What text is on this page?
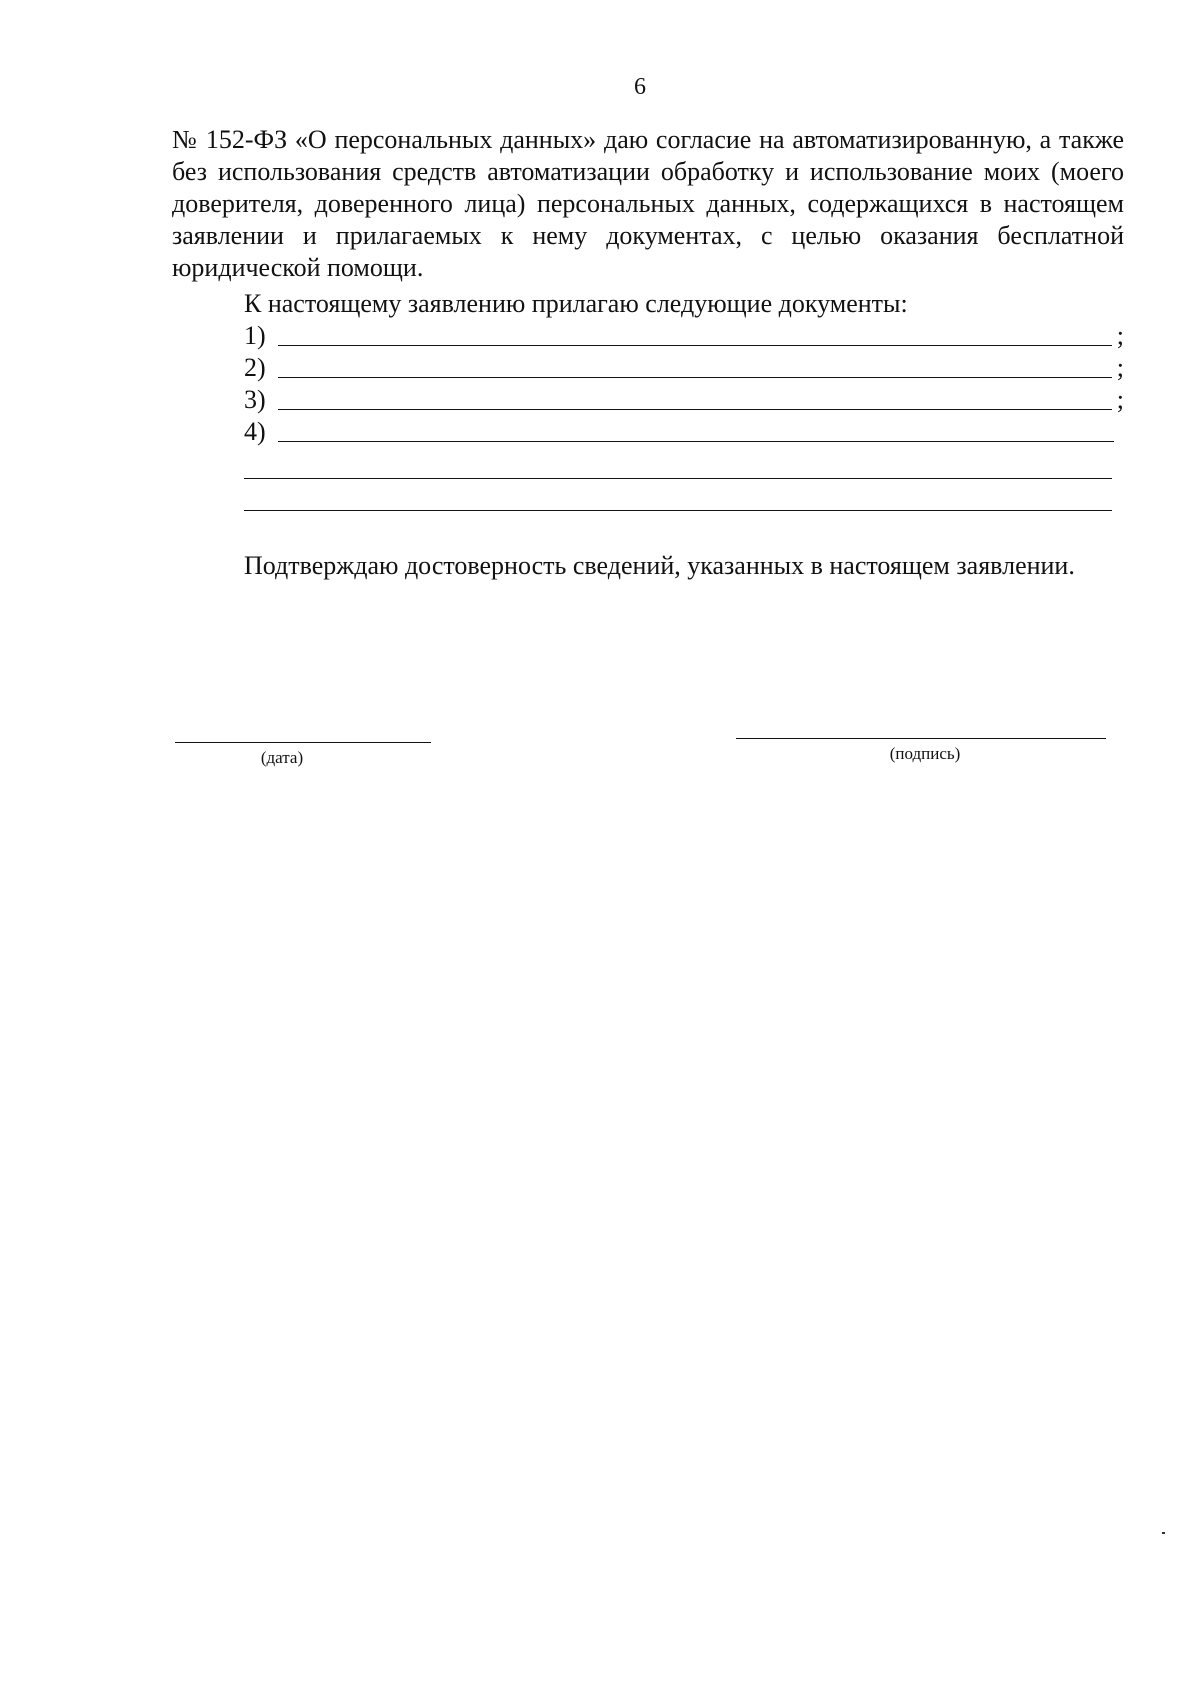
6

№ 152-ФЗ «О персональных данных» даю согласие на автоматизированную, а также без использования средств автоматизации обработку и использование моих (моего доверителя, доверенного лица) персональных данных, содержащихся в настоящем заявлении и прилагаемых к нему документах, с целью оказания бесплатной юридической помощи.

К настоящему заявлению прилагаю следующие документы:
1)	;
2)	;
3)	;
4)

Подтверждаю достоверность сведений, указанных в настоящем заявлении.

(дата)	(подпись)
